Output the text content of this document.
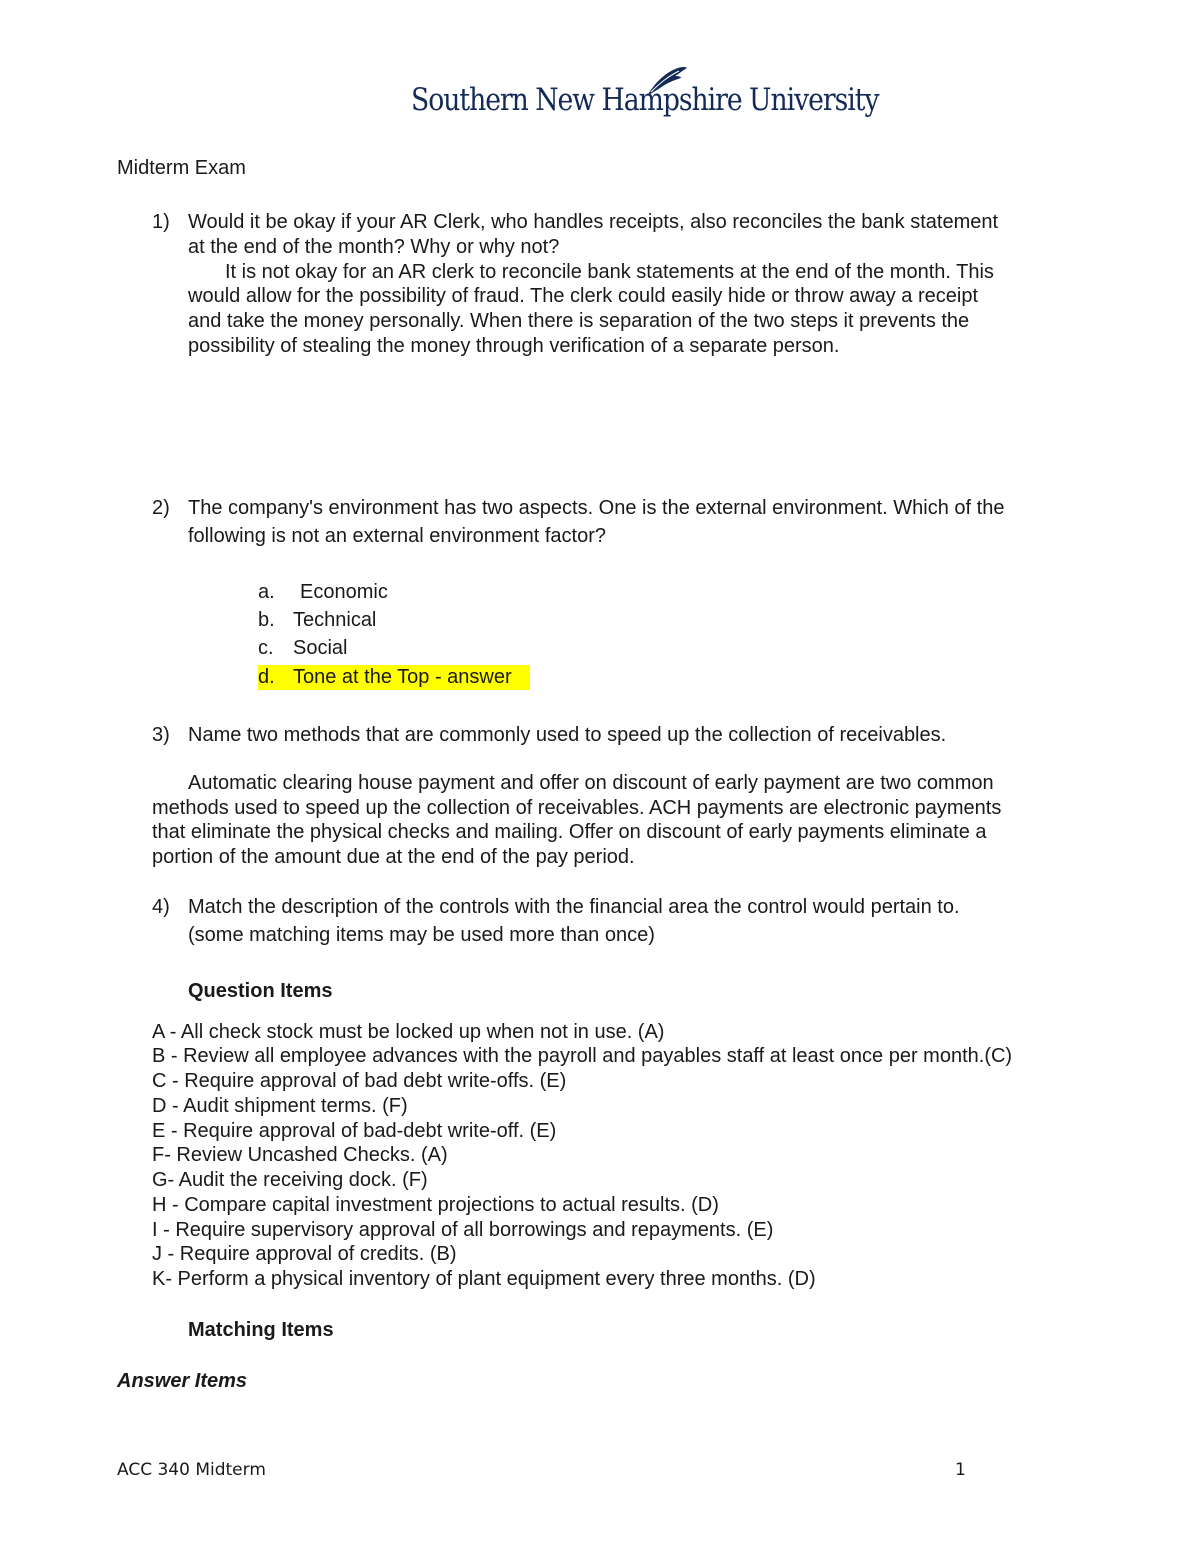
Southern New Hampshire University
Midterm Exam
1) Would it be okay if your AR Clerk, who handles receipts, also reconciles the bank statement
at the end of the month? Why or why not?
It is not okay for an AR clerk to reconcile bank statements at the end of the month. This
would allow for the possibility of fraud. The clerk could easily hide or throw away a receipt
and take the money personally. When there is separation of the two steps it prevents the
possibility of stealing the money through verification of a separate person.
2) The company's environment has two aspects. One is the external environment. Which of the
following is not an external environment factor?
a. Economic
b. Technical
c. Social
d. Tone at the Top - answer
3) Name two methods that are commonly used to speed up the collection of receivables.
Automatic clearing house payment and offer on discount of early payment are two common
methods used to speed up the collection of receivables. ACH payments are electronic payments
that eliminate the physical checks and mailing. Offer on discount of early payments eliminate a
portion of the amount due at the end of the pay period.
4) Match the description of the controls with the financial area the control would pertain to.
(some matching items may be used more than once)
Question Items
A - All check stock must be locked up when not in use. (A)
B - Review all employee advances with the payroll and payables staff at least once per month.(C)
C - Require approval of bad debt write-offs. (E)
D - Audit shipment terms. (F)
E - Require approval of bad-debt write-off. (E)
F- Review Uncashed Checks. (A)
G- Audit the receiving dock. (F)
H - Compare capital investment projections to actual results. (D)
I - Require supervisory approval of all borrowings and repayments. (E)
J - Require approval of credits. (B)
K- Perform a physical inventory of plant equipment every three months. (D)
Matching Items
Answer Items
ACC 340 Midterm	1
